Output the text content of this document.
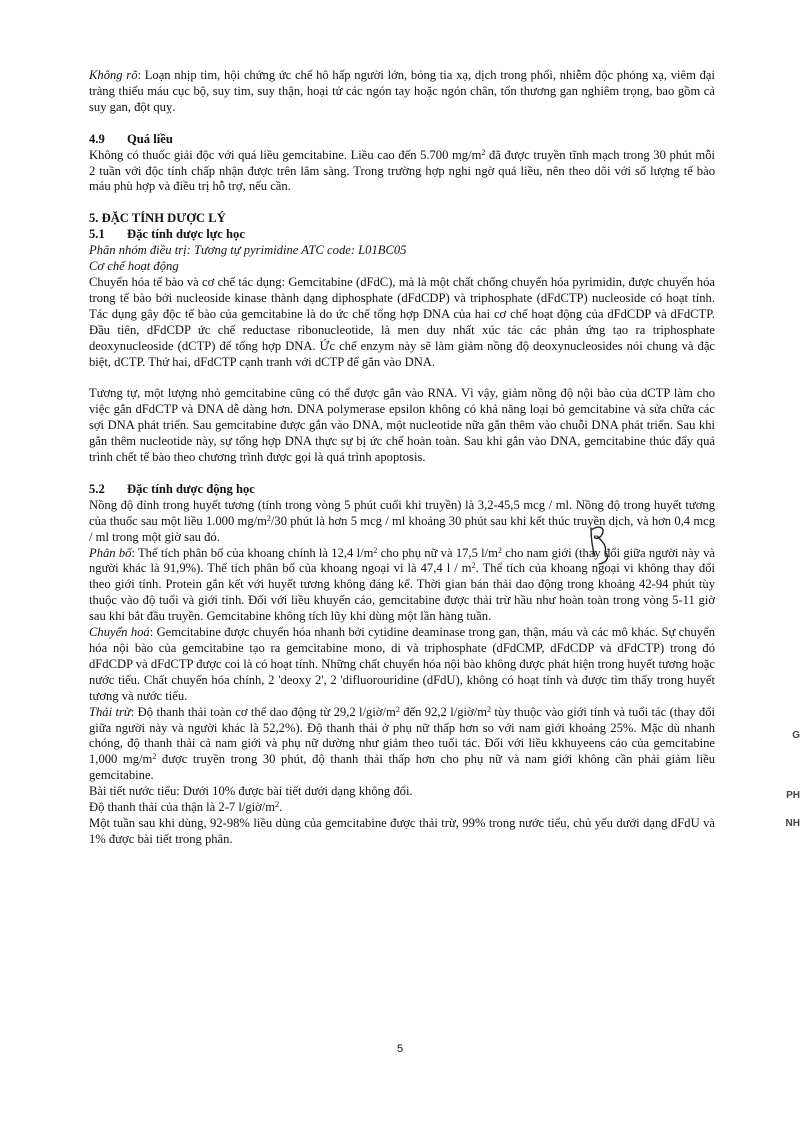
Không rõ: Loạn nhịp tim, hội chứng ức chế hô hấp người lớn, bỏng tia xạ, dịch trong phổi, nhiễm độc phóng xạ, viêm đại tràng thiếu máu cục bộ, suy tim, suy thận, hoại tử các ngón tay hoặc ngón chân, tổn thương gan nghiêm trọng, bao gồm cả suy gan, đột quỵ.

4.9 Quá liều

Không có thuốc giải độc với quá liều gemcitabine. Liều cao đến 5.700 $mg/m^2$ đã được truyền tĩnh mạch trong 30 phút mỗi 2 tuần với độc tính chấp nhận được trên lâm sàng. Trong trường hợp nghi ngờ quá liều, nên theo dõi với số lượng tế bào máu phù hợp và điều trị hỗ trợ, nếu cần.

5. ĐẶC TÍNH DƯỢC LÝ
5.1 Đặc tính dược lực học

Phân nhóm điều trị: Tương tự pyrimidine ATC code: L01BC05

Cơ chế hoạt động

Chuyển hóa tế bào và cơ chế tác dụng: Gemcitabine (dFdC), mà là một chất chống chuyển hóa pyrimidin, được chuyển hóa trong tế bào bởi nucleoside kinase thành dạng diphosphate (dFdCDP) và triphosphate (dFdCTP) nucleoside có hoạt tính. Tác dụng gây độc tế bào của gemcitabine là do ức chế tổng hợp DNA của hai cơ chế hoạt động của dFdCDP và dFdCTP. Đầu tiên, dFdCDP ức chế reductase ribonucleotide, là men duy nhất xúc tác các phản ứng tạo ra triphosphate deoxynucleoside (dCTP) để tổng hợp DNA. Ức chế enzym này sẽ làm giảm nồng độ deoxynucleosides nói chung và đặc biệt, dCTP. Thứ hai, dFdCTP cạnh tranh với dCTP để gắn vào DNA.

Tương tự, một lượng nhỏ gemcitabine cũng có thể được gắn vào RNA. Vì vậy, giảm nồng độ nội bào của dCTP làm cho việc gắn dFdCTP và DNA dễ dàng hơn. DNA polymerase epsilon không có khả năng loại bỏ gemcitabine và sửa chữa các sợi DNA phát triển. Sau gemcitabine được gắn vào DNA, một nucleotide nữa gắn thêm vào chuỗi DNA phát triển. Sau khi gắn thêm nucleotide này, sự tổng hợp DNA thực sự bị ức chế hoàn toàn. Sau khi gắn vào DNA, gemcitabine thúc đẩy quá trình chết tế bào theo chương trình được gọi là quá trình apoptosis.

5.2 Đặc tính dược động học

Nồng độ đỉnh trong huyết tương (tính trong vòng 5 phút cuối khi truyền) là 3,2-45,5 mcg / ml. Nồng độ trong huyết tương của thuốc sau một liều 1.000 $mg/m^2/30$ phút là hơn 5 mcg / ml khoảng 30 phút sau khi kết thúc truyền dịch, và hơn 0,4 mcg / ml trong một giờ sau đó.

Phân bố: Thể tích phân bố của khoang chính là 12,4 $l/m^2$ cho phụ nữ và 17,5 $l/m^2$ cho nam giới (thay đổi giữa người này và người khác là 91,9%). Thể tích phân bố của khoang ngoại vi là 47,4 l / $m^2$. Thể tích của khoang ngoại vi không thay đổi theo giới tính. Protein gắn kết với huyết tương không đáng kể. Thời gian bán thải dao động trong khoảng 42-94 phút tùy thuộc vào độ tuổi và giới tính. Đối với liều khuyến cáo, gemcitabine được thải trừ hầu như hoàn toàn trong vòng 5-11 giờ sau khi bắt đầu truyền. Gemcitabine không tích lũy khi dùng một lần hàng tuần.

Chuyển hoá: Gemcitabine được chuyển hóa nhanh bởi cytidine deaminase trong gan, thận, máu và các mô khác. Sự chuyển hóa nội bào của gemcitabine tạo ra gemcitabine mono, di và triphosphate (dFdCMP, dFdCDP và dFdCTP) trong đó dFdCDP và dFdCTP được coi là có hoạt tính. Những chất chuyển hóa nội bào không được phát hiện trong huyết tương hoặc nước tiểu. Chất chuyển hóa chính, 2 'deoxy 2', 2 'difluorouridine (dFdU), không có hoạt tính và được tìm thấy trong huyết tương và nước tiểu.

Thải trừ: Độ thanh thải toàn cơ thể dao động từ 29,2 $l/giờ/m^2$ đến 92,2 $l/giờ/m^2$ tùy thuộc vào giới tính và tuổi tác (thay đổi giữa người này và người khác là 52,2%). Độ thanh thải ở phụ nữ thấp hơn so với nam giới khoảng 25%. Mặc dù nhanh chóng, độ thanh thải cả nam giới và phụ nữ dường như giảm theo tuổi tác. Đối với liều kkhuyeens cáo của gemcitabine 1,000 $mg/m^2$ được truyền trong 30 phút, độ thanh thải thấp hơn cho phụ nữ và nam giới không cần phải giảm liều gemcitabine.

Bài tiết nước tiểu: Dưới 10% được bài tiết dưới dạng không đổi.

Độ thanh thải của thận là 2-7 $l/giờ/m^2$.

Một tuần sau khi dùng, 92-98% liều dùng của gemcitabine được thải trừ, 99% trong nước tiểu, chủ yếu dưới dạng dFdU và 1% được bài tiết trong phân.

G
PH
NH
5
